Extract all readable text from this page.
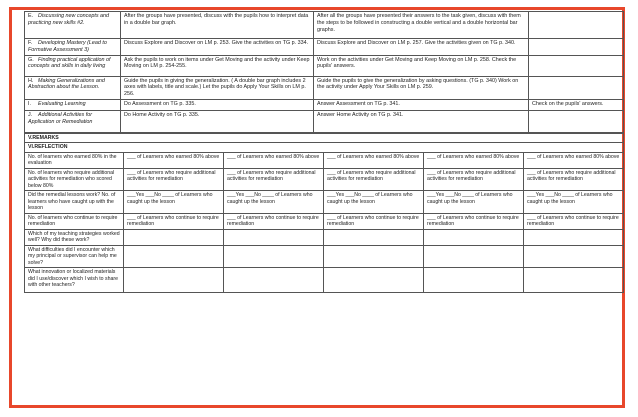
E. Discussing new concepts and practicing new skills #2.	After the groups have presented, discuss with the pupils how to interpret data in a double bar graph.	After all the groups have presented their answers to the task given, discuss with them the steps to be followed in constructing a double vertical and a double horizontal bar graphs.	
F. Developing Mastery (Lead to Formative Assessment 3)	Discuss Explore and Discover on LM p. 253. Give the activities on TG p. 334.	Discuss Explore and Discover on LM p. 257. Give the activities given on TG p. 340.	
G. Finding practical application of concepts and skills in daily living	Ask the pupils to work on items under Get Moving and the activity under Keep Moving on LM p. 254-255.	Work on the activities under Get Moving and Keep Moving on LM p. 258. Check the pupils' answers.	
H. Making Generalizations and Abstraction about the Lesson.	Guide the pupils in giving the generalization. ( A double bar graph includes 2 axes with labels, title and scale.) Let the pupils do Apply Your Skills on LM p. 256.	Guide the pupils to give the generalization by asking questions. (TG p. 340) Work on the activity under Apply Your Skills on LM p. 259.	
I. Evaluating Learning	Do Assessment on TG p. 335.	Answer Assessment on TG p. 341.	Check on the pupils' answers.
J. Additional Activities for Application or Remediation	Do Home Activity on TG p. 335.	Answer Home Activity on TG p. 341.	
V.REMARKS					
VI.REFLECTION					
No. of learners who earned 80% in the evaluation	___ of Learners who earned 80% above	___ of Learners who earned 80% above	___ of Learners who earned 80% above	___ of Learners who earned 80% above	___ of Learners who earned 80% above
No. of learners who require additional activities for remediation who scored below 80%	___ of Learners who require additional activities for remediation	___ of Learners who require additional activities for remediation	___ of Learners who require additional activities for remediation	___ of Learners who require additional activities for remediation	___ of Learners who require additional activities for remediation
Did the remedial lessons work? No. of learners who have caught up with the lesson	___Yes ___No ____ of Learners who caught up the lesson	___Yes ___No ____ of Learners who caught up the lesson	___Yes ___No ____ of Learners who caught up the lesson	___Yes ___No ____ of Learners who caught up the lesson	___Yes ___No ____ of Learners who caught up the lesson
No. of learners who continue to require remediation	___ of Learners who continue to require remediation	___ of Learners who continue to require remediation	___ of Learners who continue to require remediation	___ of Learners who continue to require remediation	___ of Learners who continue to require remediation
Which of my teaching strategies worked well? Why did these work?					
What difficulties did I encounter which my principal or supervisor can help me solve?					
What innovation or localized materials did I use/discover which I wish to share with other teachers?					
